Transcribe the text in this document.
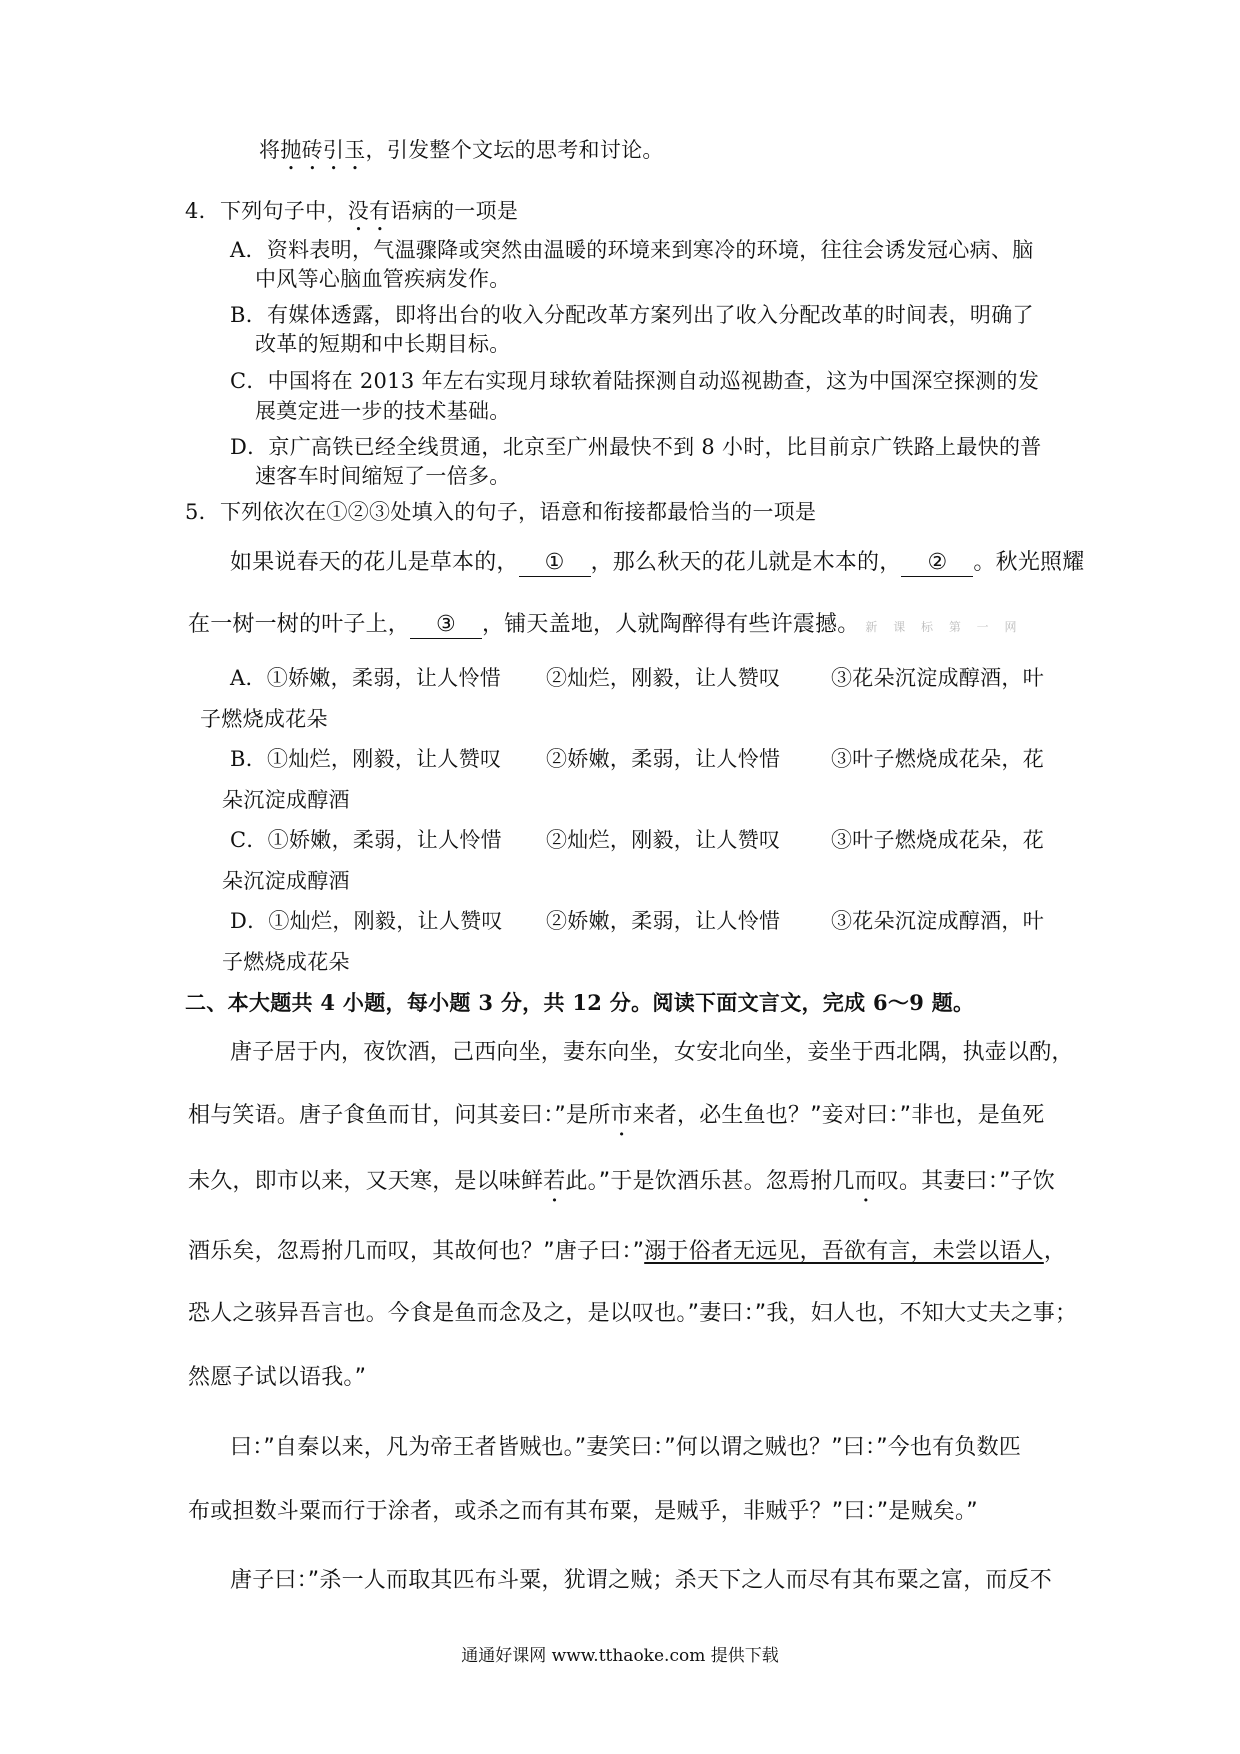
将抛砖引玉，引发整个文坛的思考和讨论。
4．下列句子中，没有语病的一项是
A．资料表明，气温骤降或突然由温暖的环境来到寒冷的环境，往往会诱发冠心病、脑
中风等心脑血管疾病发作。
B．有媒体透露，即将出台的收入分配改革方案列出了收入分配改革的时间表，明确了
改革的短期和中长期目标。
C．中国将在 2013 年左右实现月球软着陆探测自动巡视勘查，这为中国深空探测的发
展奠定进一步的技术基础。
D．京广高铁已经全线贯通，北京至广州最快不到 8 小时，比目前京广铁路上最快的普
速客车时间缩短了一倍多。
5．下列依次在①②③处填入的句子，语意和衔接都最恰当的一项是
如果说春天的花儿是草本的， ① ，那么秋天的花儿就是木本的， ② 。秋光照耀
在一树一树的叶子上， ③ ，铺天盖地，人就陶醉得有些许震撼。 新 课 标 第 一 网
A．①娇嫩，柔弱，让人怜惜 ②灿烂，刚毅，让人赞叹 ③花朵沉淀成醇酒，叶
子燃烧成花朵
B．①灿烂，刚毅，让人赞叹 ②娇嫩，柔弱，让人怜惜 ③叶子燃烧成花朵，花
朵沉淀成醇酒
C．①娇嫩，柔弱，让人怜惜 ②灿烂，刚毅，让人赞叹 ③叶子燃烧成花朵，花
朵沉淀成醇酒
D．①灿烂，刚毅，让人赞叹 ②娇嫩，柔弱，让人怜惜 ③花朵沉淀成醇酒，叶
子燃烧成花朵
二、本大题共 4 小题，每小题 3 分，共 12 分。阅读下面文言文，完成 6～9 题。
唐子居于内，夜饮酒，己西向坐，妻东向坐，女安北向坐，妾坐于西北隅，执壶以酌，
相与笑语。唐子食鱼而甘，问其妾曰：”是所市来者，必生鱼也？”妾对曰：”非也，是鱼死
未久，即市以来，又天寒，是以味鲜若此。”于是饮酒乐甚。忽焉拊几而叹。其妻曰：”子饮
酒乐矣，忽焉拊几而叹，其故何也？”唐子曰：”溺于俗者无远见，吾欲有言，未尝以语人，
恐人之骇异吾言也。今食是鱼而念及之，是以叹也。”妻曰：”我，妇人也，不知大丈夫之事；
然愿子试以语我。”
曰：”自秦以来，凡为帝王者皆贼也。”妻笑曰：”何以谓之贼也？”曰：”今也有负数匹
布或担数斗粟而行于涂者，或杀之而有其布粟，是贼乎，非贼乎？”曰：”是贼矣。”
唐子曰：”杀一人而取其匹布斗粟，犹谓之贼；杀天下之人而尽有其布粟之富，而反不
通通好课网 www.tthaoke.com 提供下载
